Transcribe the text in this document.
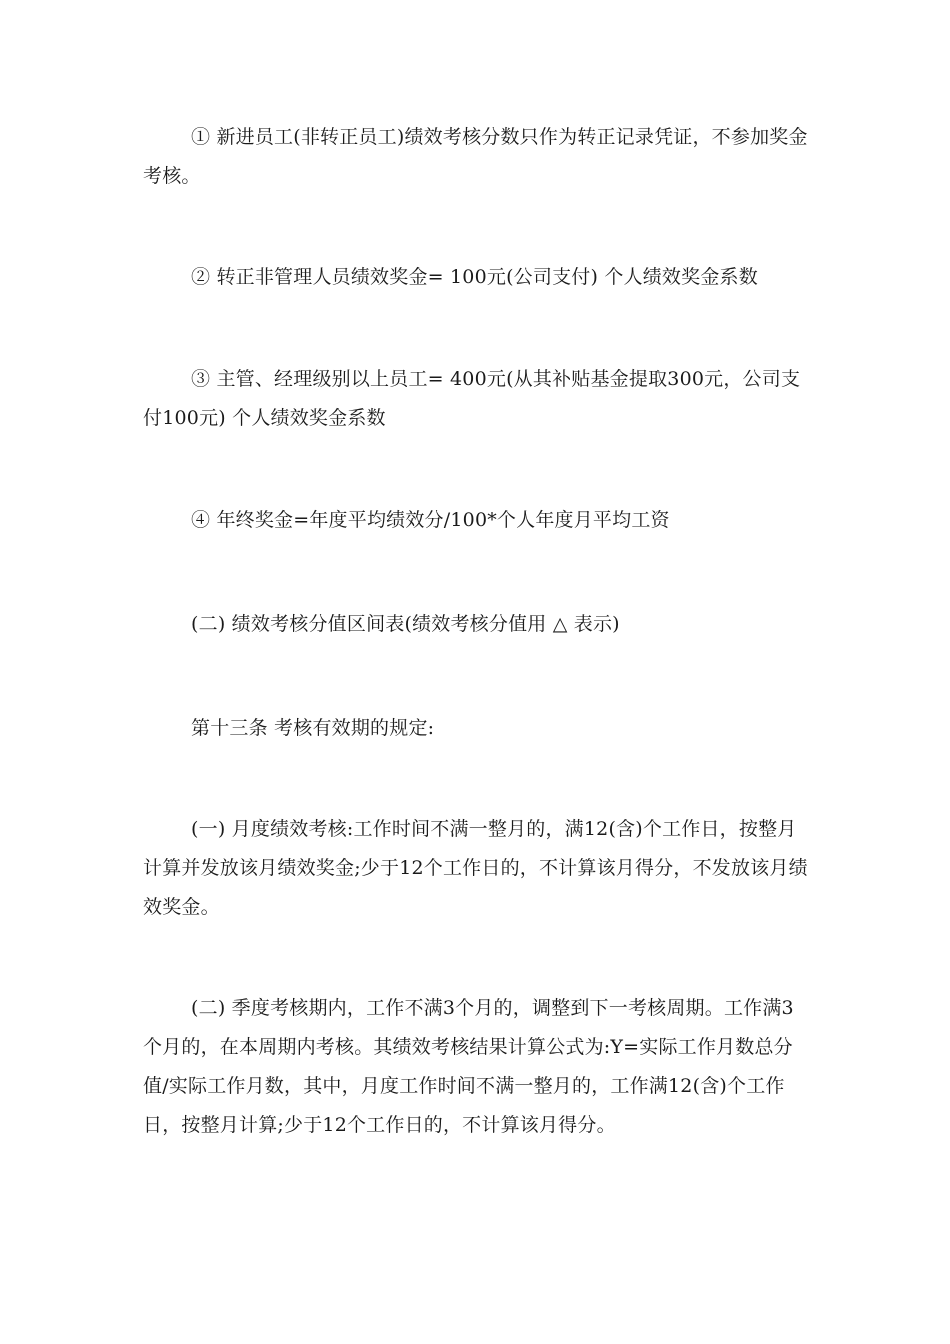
① 新进员工(非转正员工)绩效考核分数只作为转正记录凭证，不参加奖金考核。

② 转正非管理人员绩效奖金= 100元(公司支付) 个人绩效奖金系数

③ 主管、经理级别以上员工= 400元(从其补贴基金提取300元，公司支付100元) 个人绩效奖金系数

④ 年终奖金=年度平均绩效分/100*个人年度月平均工资

(二) 绩效考核分值区间表(绩效考核分值用 △ 表示)

第十三条 考核有效期的规定:

(一) 月度绩效考核:工作时间不满一整月的，满12(含)个工作日，按整月计算并发放该月绩效奖金;少于12个工作日的，不计算该月得分，不发放该月绩效奖金。

(二) 季度考核期内，工作不满3个月的，调整到下一考核周期。工作满3个月的，在本周期内考核。其绩效考核结果计算公式为:Y=实际工作月数总分值/实际工作月数，其中，月度工作时间不满一整月的，工作满12(含)个工作日，按整月计算;少于12个工作日的，不计算该月得分。
